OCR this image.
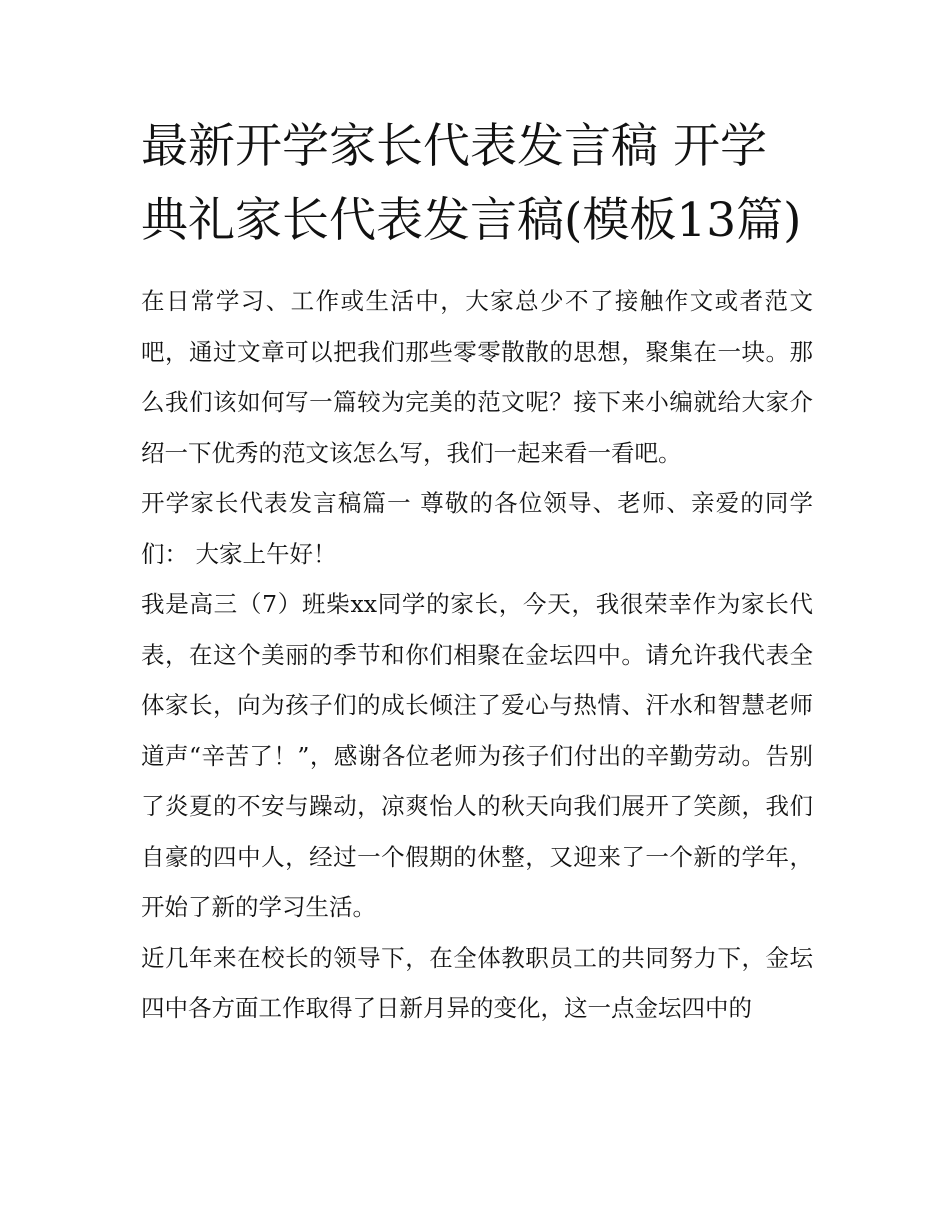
最新开学家长代表发言稿 开学典礼家长代表发言稿(模板13篇)

在日常学习、工作或生活中，大家总少不了接触作文或者范文吧，通过文章可以把我们那些零零散散的思想，聚集在一块。那么我们该如何写一篇较为完美的范文呢？接下来小编就给大家介绍一下优秀的范文该怎么写，我们一起来看一看吧。

开学家长代表发言稿篇一 尊敬的各位领导、老师、亲爱的同学们： 大家上午好！

我是高三（7）班柴xx同学的家长，今天，我很荣幸作为家长代表，在这个美丽的季节和你们相聚在金坛四中。请允许我代表全体家长，向为孩子们的成长倾注了爱心与热情、汗水和智慧老师道声“辛苦了！”，感谢各位老师为孩子们付出的辛勤劳动。告别了炎夏的不安与躁动，凉爽怡人的秋天向我们展开了笑颜，我们自豪的四中人，经过一个假期的休整，又迎来了一个新的学年，开始了新的学习生活。

近几年来在校长的领导下，在全体教职员工的共同努力下，金坛四中各方面工作取得了日新月异的变化，这一点金坛四中的
